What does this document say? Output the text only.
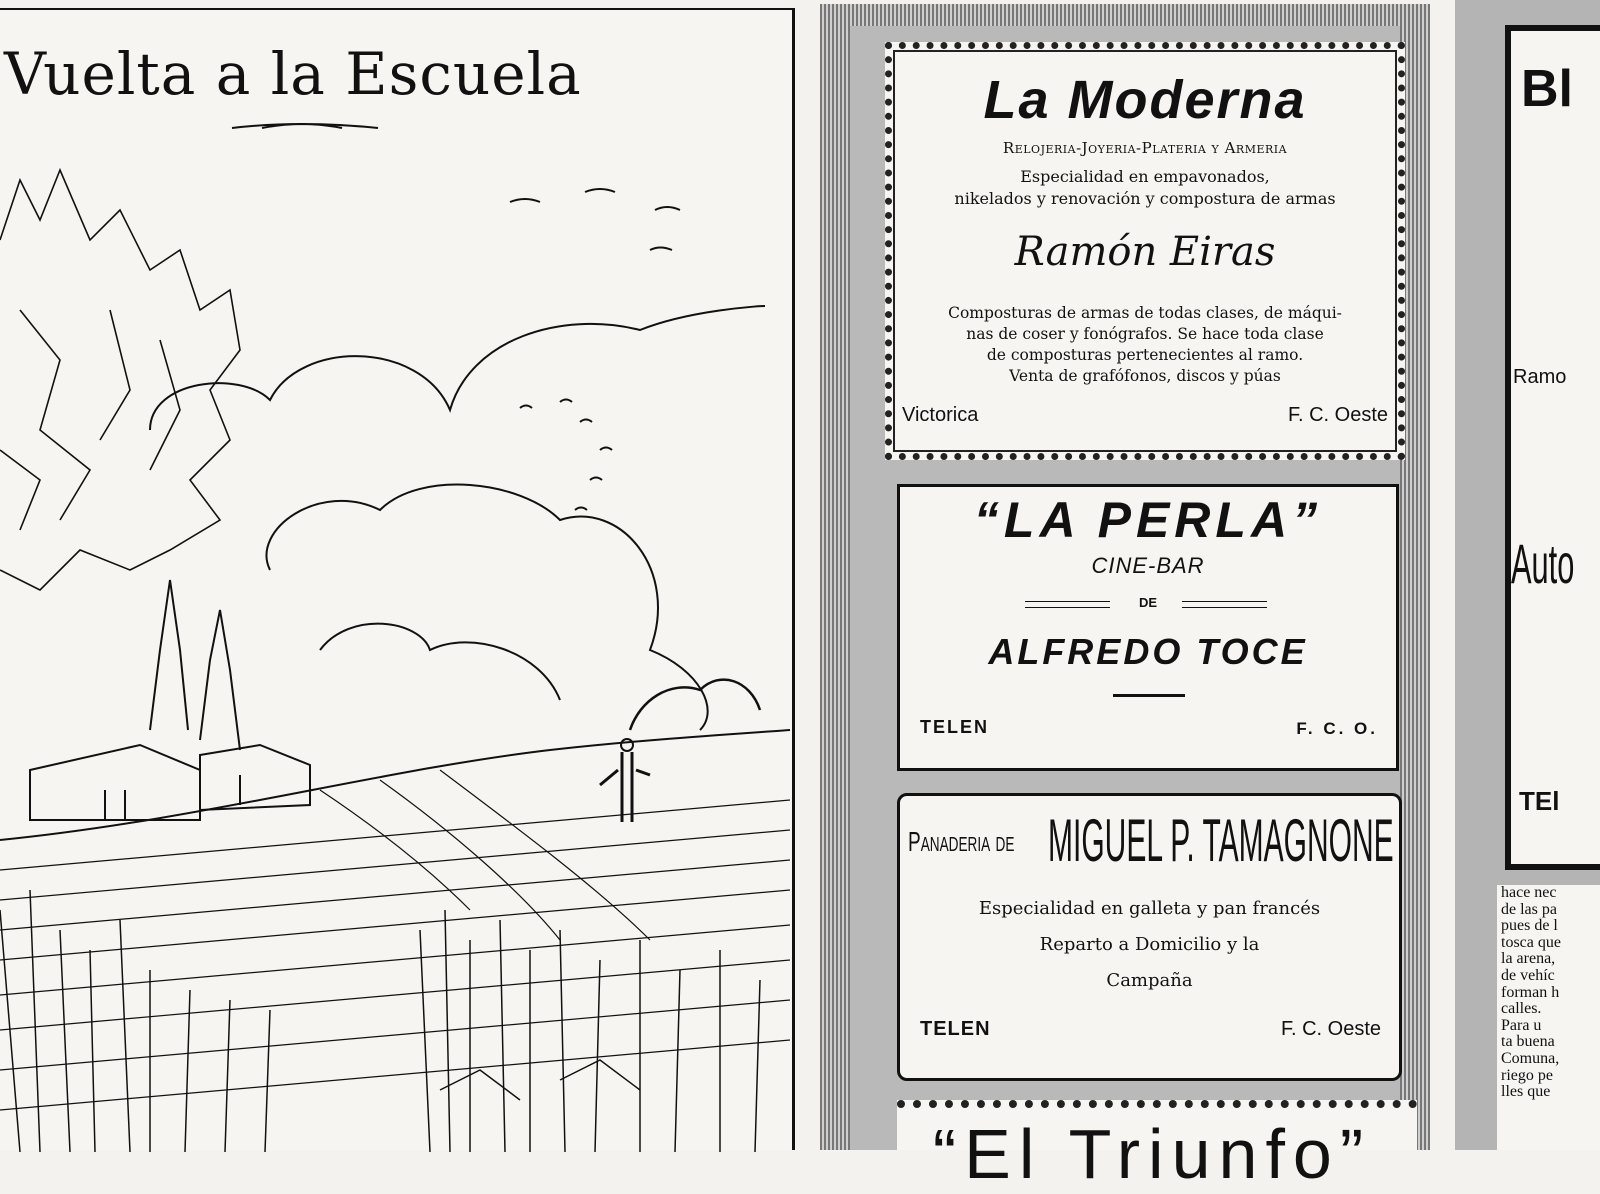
Vuelta a la Escuela	La Moderna
Relojeria-Joyeria-Plateria y Armeria
Especialidad en empavonados,
nikelados y renovación y compostura de armas
Ramón Eiras
Composturas de armas de todas clases, de máqui-
nas de coser y fonógrafos. Se hace toda clase
de composturas pertenecientes al ramo.
Venta de grafófonos, discos y púas
Victorica	F. C. Oeste
“LA PERLA”
CINE-BAR
DE
ALFREDO TOCE
TELEN	F. C. O.
Panaderia de MIGUEL P. TAMAGNONE
Especialidad en galleta y pan francés
Reparto a Domicilio y la
Campaña
TELEN	F. C. Oeste
“El Triunfo”
Bl
Ramo
Auto
TEl
hace nec
de las pa
pues de l
tosca que
la arena,
de vehíc
forman h
calles.
Para u
ta buena
Comuna,
riego pe
lles que
